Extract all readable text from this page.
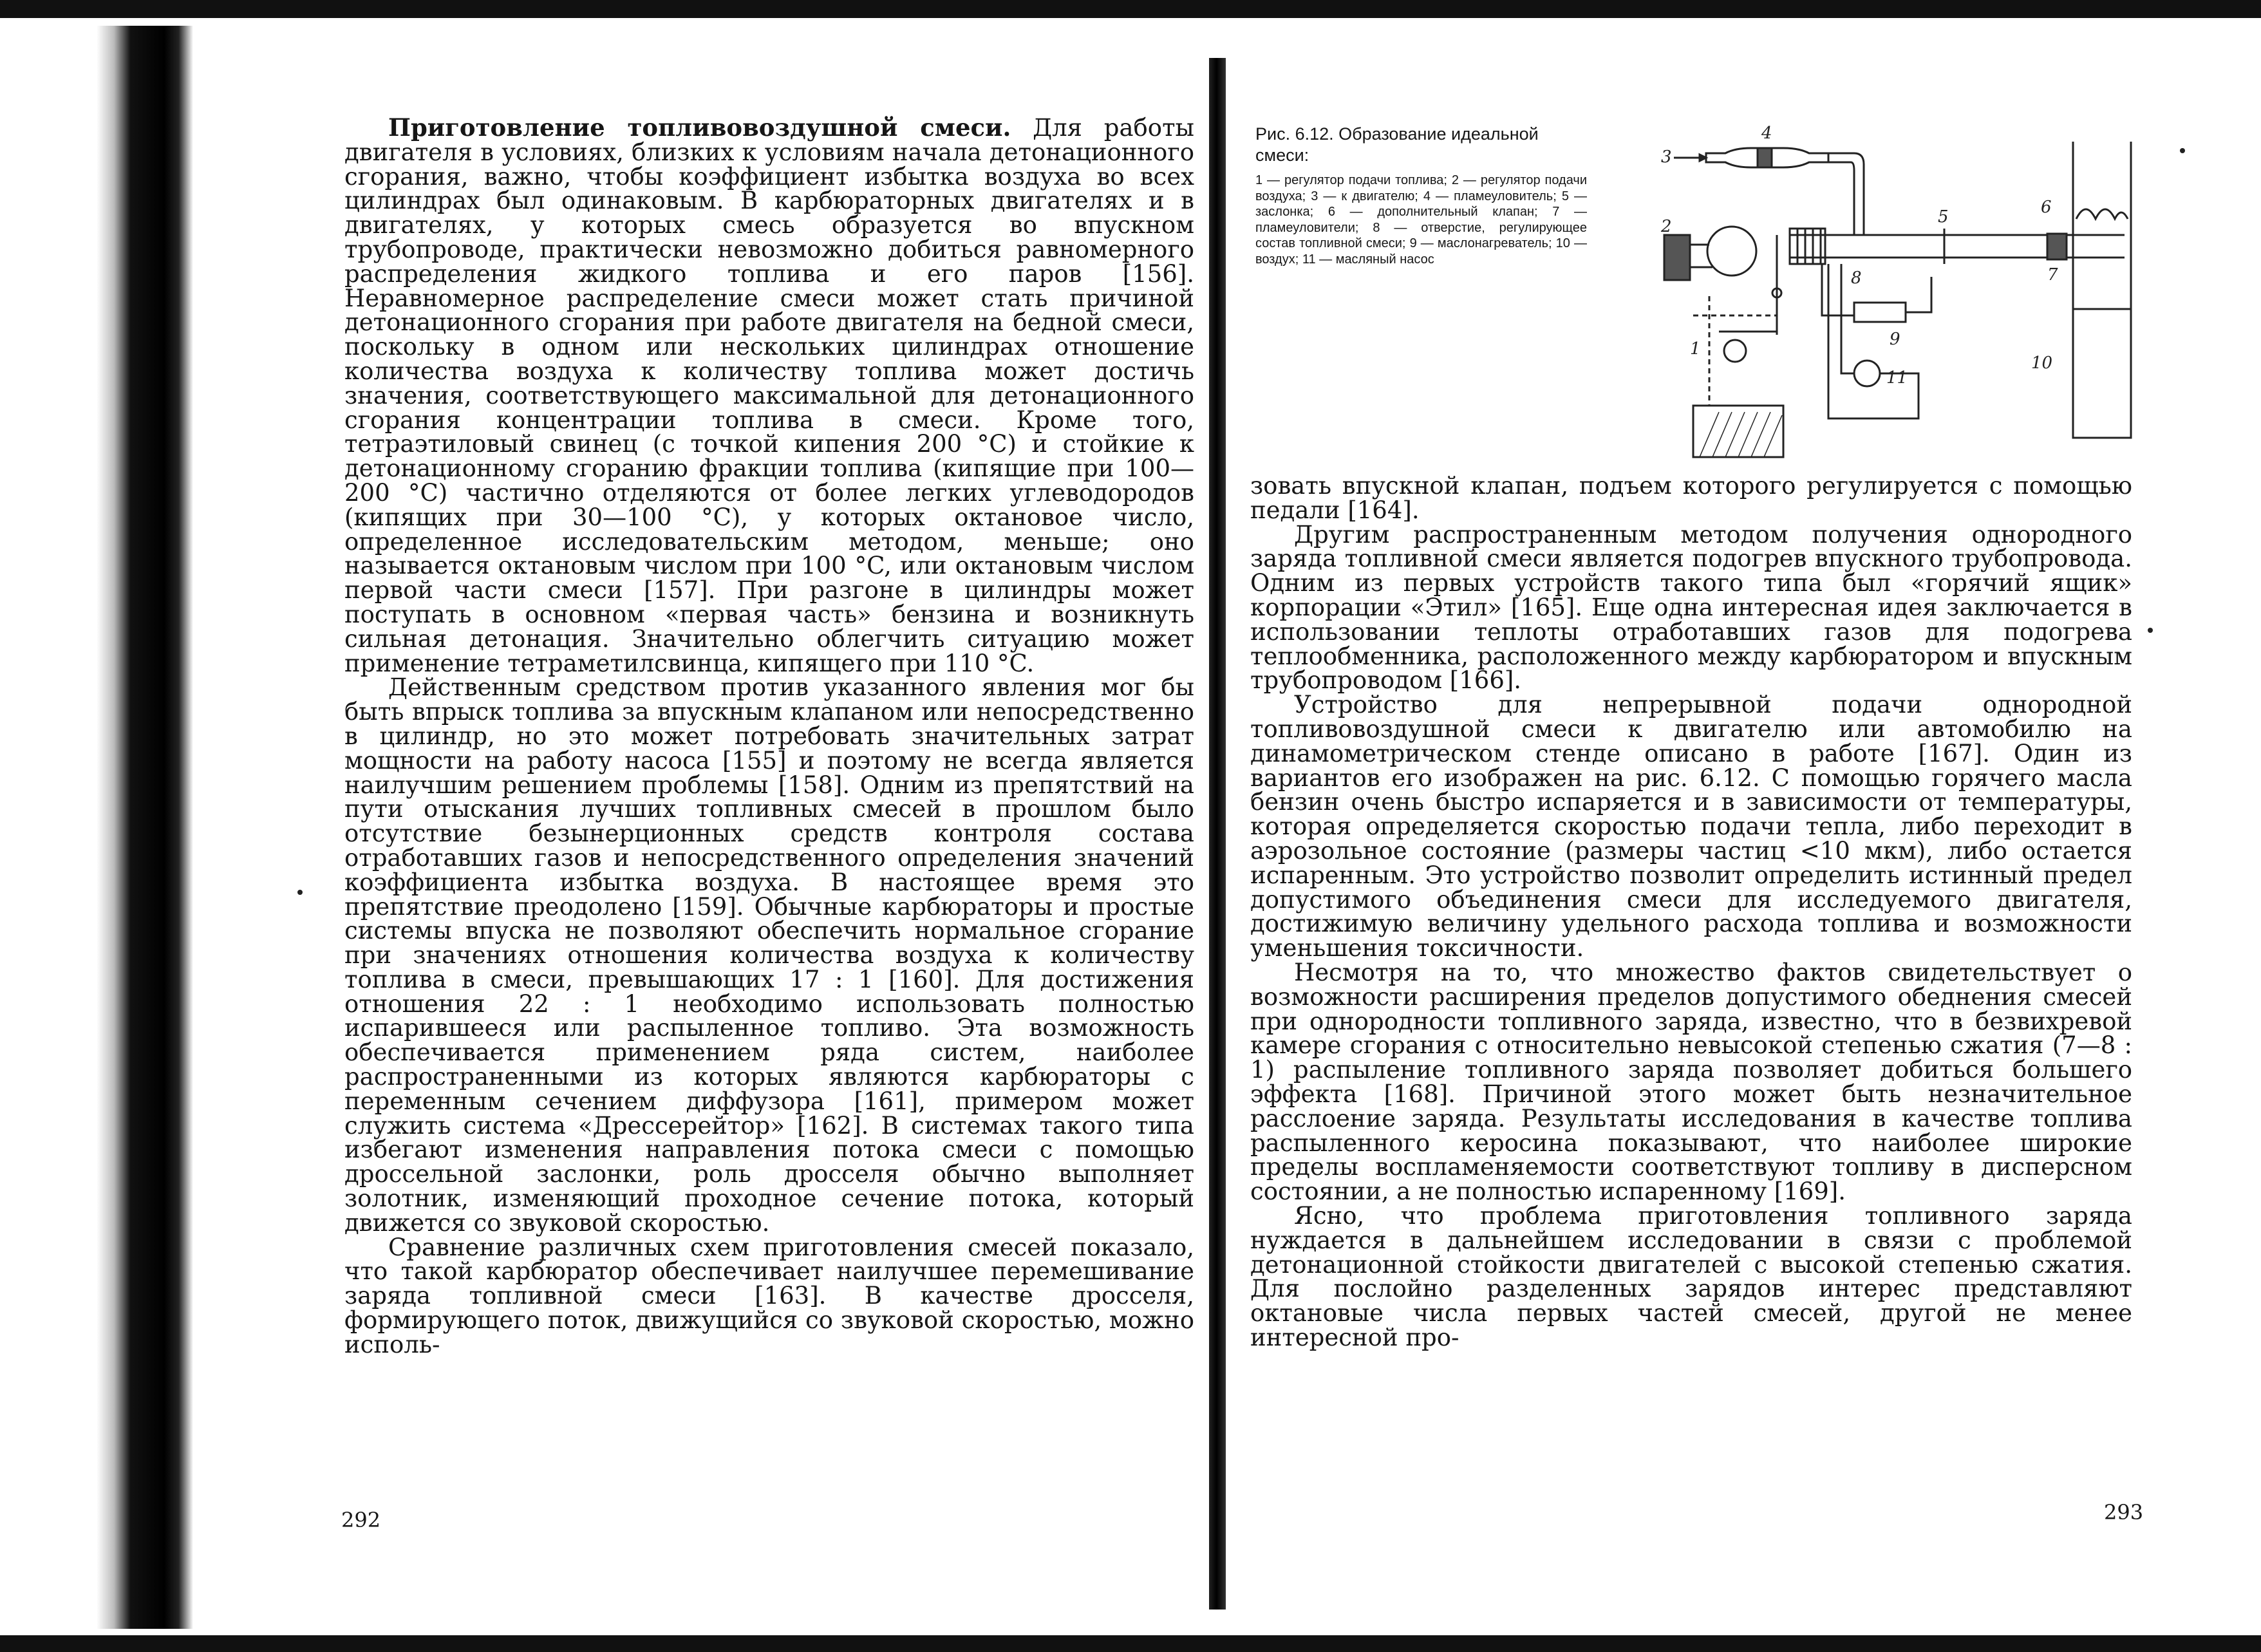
Приготовление топливовоздушной смеси. Для работы двигателя в условиях, близких к условиям начала детонационного сгорания, важно, чтобы коэффициент избытка воздуха во всех цилиндрах был одинаковым. В карбюраторных двигателях и в двигателях, у которых смесь образуется во впускном трубопроводе, практически невозможно добиться равномерного распределения жидкого топлива и его паров [156]. Неравномерное распределение смеси может стать причиной детонационного сгорания при работе двигателя на бедной смеси, поскольку в одном или нескольких цилиндрах отношение количества воздуха к количеству топлива может достичь значения, соответствующего максимальной для детонационного сгорания концентрации топлива в смеси. Кроме того, тетраэтиловый свинец (с точкой кипения 200 °C) и стойкие к детонационному сгоранию фракции топлива (кипящие при 100—200 °C) частично отделяются от более легких углеводородов (кипящих при 30—100 °C), у которых октановое число, определенное исследовательским методом, меньше; оно называется октановым числом при 100 °C, или октановым числом первой части смеси [157]. При разгоне в цилиндры может поступать в основном «первая часть» бензина и возникнуть сильная детонация. Значительно облегчить ситуацию может применение тетраметилсвинца, кипящего при 110 °C.

Действенным средством против указанного явления мог бы быть впрыск топлива за впускным клапаном или непосредственно в цилиндр, но это может потребовать значительных затрат мощности на работу насоса [155] и поэтому не всегда является наилучшим решением проблемы [158]. Одним из препятствий на пути отыскания лучших топливных смесей в прошлом было отсутствие безынерционных средств контроля состава отработавших газов и непосредственного определения значений коэффициента избытка воздуха. В настоящее время это препятствие преодолено [159]. Обычные карбюраторы и простые системы впуска не позволяют обеспечить нормальное сгорание при значениях отношения количества воздуха к количеству топлива в смеси, превышающих 17 : 1 [160]. Для достижения отношения 22 : 1 необходимо использовать полностью испарившееся или распыленное топливо. Эта возможность обеспечивается применением ряда систем, наиболее распространенными из которых являются карбюраторы с переменным сечением диффузора [161], примером может служить система «Дрессерейтор» [162]. В системах такого типа избегают изменения направления потока смеси с помощью дроссельной заслонки, роль дросселя обычно выполняет золотник, изменяющий проходное сечение потока, который движется со звуковой скоростью.

Сравнение различных схем приготовления смесей показало, что такой карбюратор обеспечивает наилучшее перемешивание заряда топливной смеси [163]. В качестве дросселя, формирующего поток, движущийся со звуковой скоростью, можно исполь-

292

Рис. 6.12. Образование идеальной смеси:

1 — регулятор подачи топлива; 2 — регулятор подачи воздуха; 3 — к двигателю; 4 — пламеуловитель; 5 — заслонка; 6 — дополнительный клапан; 7 — пламеуловители; 8 — отверстие, регулирующее состав топливной смеси; 9 — маслонагреватель; 10 — воздух; 11 — масляный насос

3
4
2	5	6
7
8
9
1
11
10

зовать впускной клапан, подъем которого регулируется с помощью педали [164].

Другим распространенным методом получения однородного заряда топливной смеси является подогрев впускного трубопровода. Одним из первых устройств такого типа был «горячий ящик» корпорации «Этил» [165]. Еще одна интересная идея заключается в использовании теплоты отработавших газов для подогрева теплообменника, расположенного между карбюратором и впускным трубопроводом [166].

Устройство для непрерывной подачи однородной топливовоздушной смеси к двигателю или автомобилю на динамометрическом стенде описано в работе [167]. Один из вариантов его изображен на рис. 6.12. С помощью горячего масла бензин очень быстро испаряется и в зависимости от температуры, которая определяется скоростью подачи тепла, либо переходит в аэрозольное состояние (размеры частиц <10 мкм), либо остается испаренным. Это устройство позволит определить истинный предел допустимого объединения смеси для исследуемого двигателя, достижимую величину удельного расхода топлива и возможности уменьшения токсичности.

Несмотря на то, что множество фактов свидетельствует о возможности расширения пределов допустимого обеднения смесей при однородности топливного заряда, известно, что в безвихревой камере сгорания с относительно невысокой степенью сжатия (7—8 : 1) распыление топливного заряда позволяет добиться большего эффекта [168]. Причиной этого может быть незначительное расслоение заряда. Результаты исследования в качестве топлива распыленного керосина показывают, что наиболее широкие пределы воспламеняемости соответствуют топливу в дисперсном состоянии, а не полностью испаренному [169].

Ясно, что проблема приготовления топливного заряда нуждается в дальнейшем исследовании в связи с проблемой детонационной стойкости двигателей с высокой степенью сжатия. Для послойно разделенных зарядов интерес представляют октановые числа первых частей смесей, другой не менее интересной про-

293
